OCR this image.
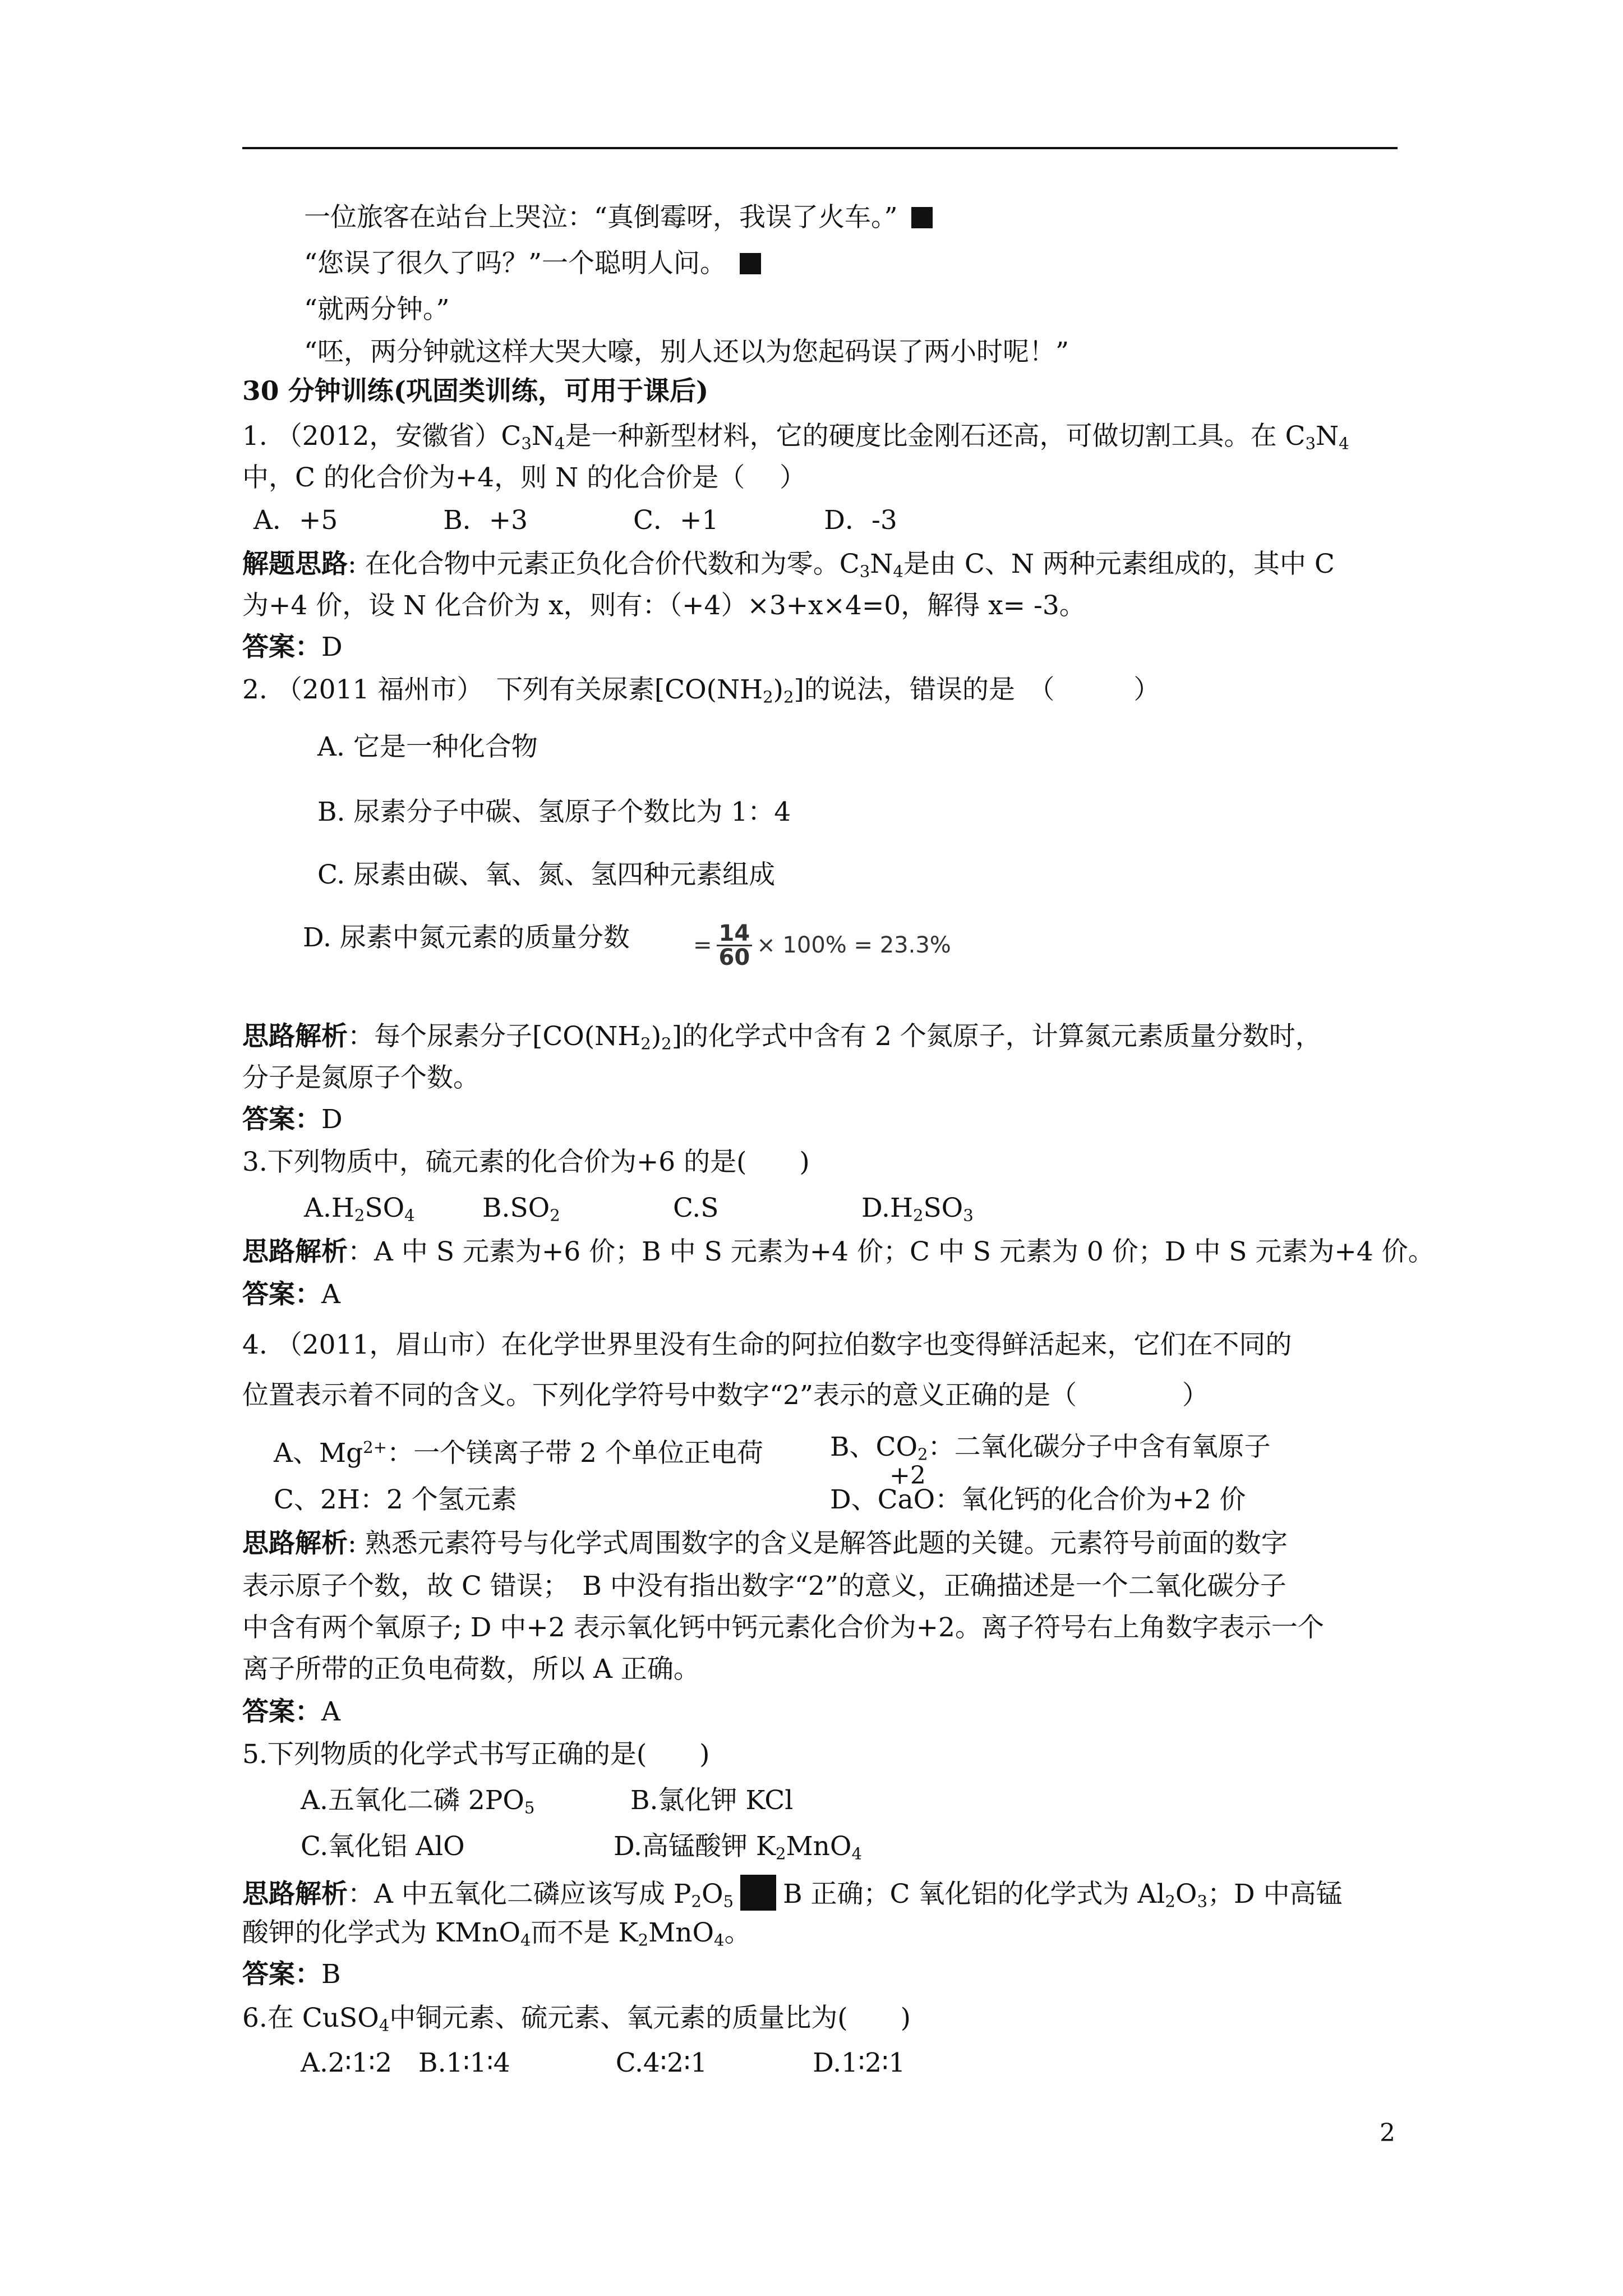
一位旅客在站台上哭泣：“真倒霉呀，我误了火车。”
“您误了很久了吗？”一个聪明人问。
“就两分钟。”
“呸，两分钟就这样大哭大嚎，别人还以为您起码误了两小时呢！”
30 分钟训练(巩固类训练，可用于课后)
1. （2012，安徽省）$C_3N_4$是一种新型材料，它的硬度比金刚石还高，可做切割工具。在 $C_3N_4$
中，C 的化合价为+4，则 N 的化合价是（　 ）
A．+5　　　　B．+3　　　　C．+1　　　　D．-3
解题思路: 在化合物中元素正负化合价代数和为零。$C_3N_4$是由 C、N 两种元素组成的，其中 C
为+4 价，设 N 化合价为 x，则有：（+4）×3+x×4=0，解得 x= -3。
答案：D
2. （2011 福州市）　下列有关尿素$[CO(NH_2)_2]$的说法，错误的是　（　　　）
A. 它是一种化合物
B. 尿素分子中碳、氢原子个数比为 1：4
C. 尿素由碳、氧、氮、氢四种元素组成
D. 尿素中氮元素的质量分数	= $\frac{14}{60} \times 100\% = 23.3\%$
思路解析：每个尿素分子$[CO(NH_2)_2]$的化学式中含有 2 个氮原子，计算氮元素质量分数时，
分子是氮原子个数。
答案：D
3.下列物质中，硫元素的化合价为+6 的是(　　)
$A.H_2SO_4$	$B.SO_2$	C.S	$D.H_2SO_3$
思路解析：A 中 S 元素为+6 价；B 中 S 元素为+4 价；C 中 S 元素为 0 价；D 中 S 元素为+4 价。
答案：A
4. （2011，眉山市）在化学世界里没有生命的阿拉伯数字也变得鲜活起来，它们在不同的
位置表示着不同的含义。下列化学符号中数字“2”表示的意义正确的是（　　　　）
A、$Mg^{2+}$：一个镁离子带 2 个单位正电荷	B、$CO_2$：二氧化碳分子中含有氧原子
+2
C、2H：2 个氢元素	D、CaO：氧化钙的化合价为+2 价
思路解析: 熟悉元素符号与化学式周围数字的含义是解答此题的关键。元素符号前面的数字
表示原子个数，故 C 错误；　B 中没有指出数字“2”的意义，正确描述是一个二氧化碳分子
中含有两个氧原子; D 中+2 表示氧化钙中钙元素化合价为+2。离子符号右上角数字表示一个
离子所带的正负电荷数，所以 A 正确。
答案：A
5.下列物质的化学式书写正确的是(　　)
A.五氧化二磷 $2PO_5$	B.氯化钾 KCl
C.氧化铝 AlO	D.高锰酸钾 $K_2MnO_4$
思路解析：A 中五氧化二磷应该写成 $P_2O_5$ B 正确；C 氧化铝的化学式为 $Al_2O_3$；D 中高锰
酸钾的化学式为 KMnO$_4$而不是 $K_2MnO_4$。
答案：B
6.在 CuSO$_4$中铜元素、硫元素、氧元素的质量比为(　　)
A.2∶1∶2　B.1∶1∶4　　　　C.4∶2∶1　　　　D.1∶2∶1
2
